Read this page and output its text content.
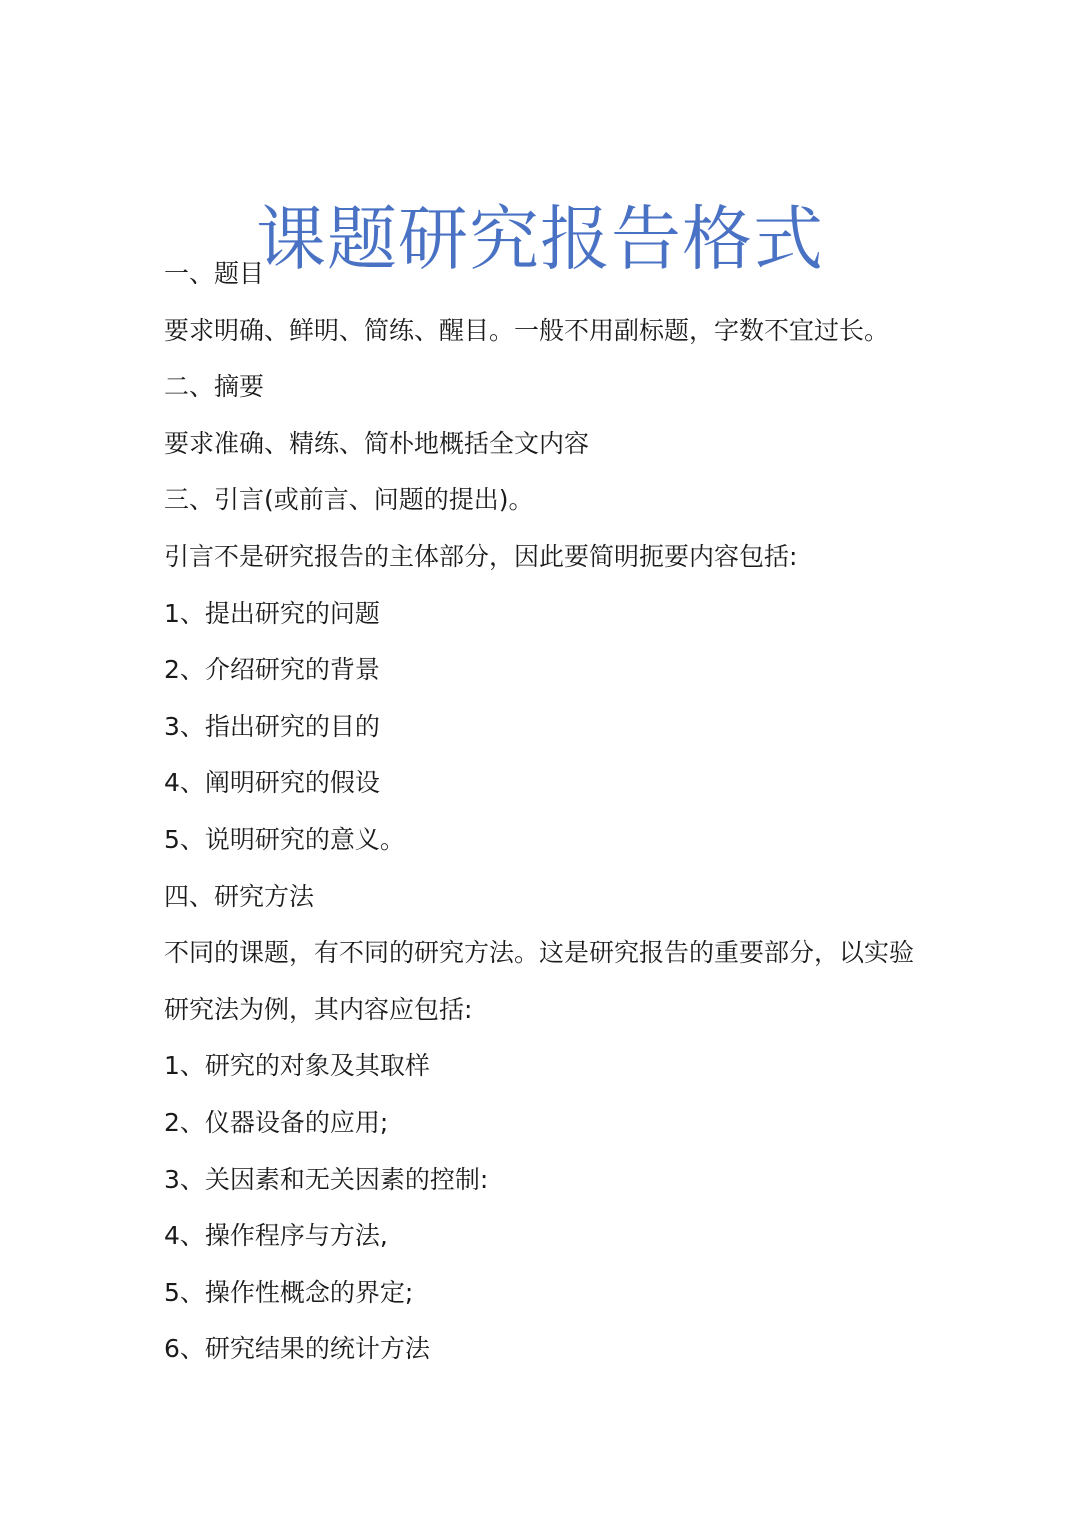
课题研究报告格式

一、题目

要求明确、鲜明、简练、醒目。一般不用副标题，字数不宜过长。

二、摘要

要求准确、精练、简朴地概括全文内容

三、引言(或前言、问题的提出)。

引言不是研究报告的主体部分，因此要简明扼要内容包括:

1、提出研究的问题

2、介绍研究的背景

3、指出研究的目的

4、阐明研究的假设

5、说明研究的意义。

四、研究方法

不同的课题，有不同的研究方法。这是研究报告的重要部分，以实验

研究法为例，其内容应包括:

1、研究的对象及其取样

2、仪器设备的应用;

3、关因素和无关因素的控制:

4、操作程序与方法,

5、操作性概念的界定;

6、研究结果的统计方法
